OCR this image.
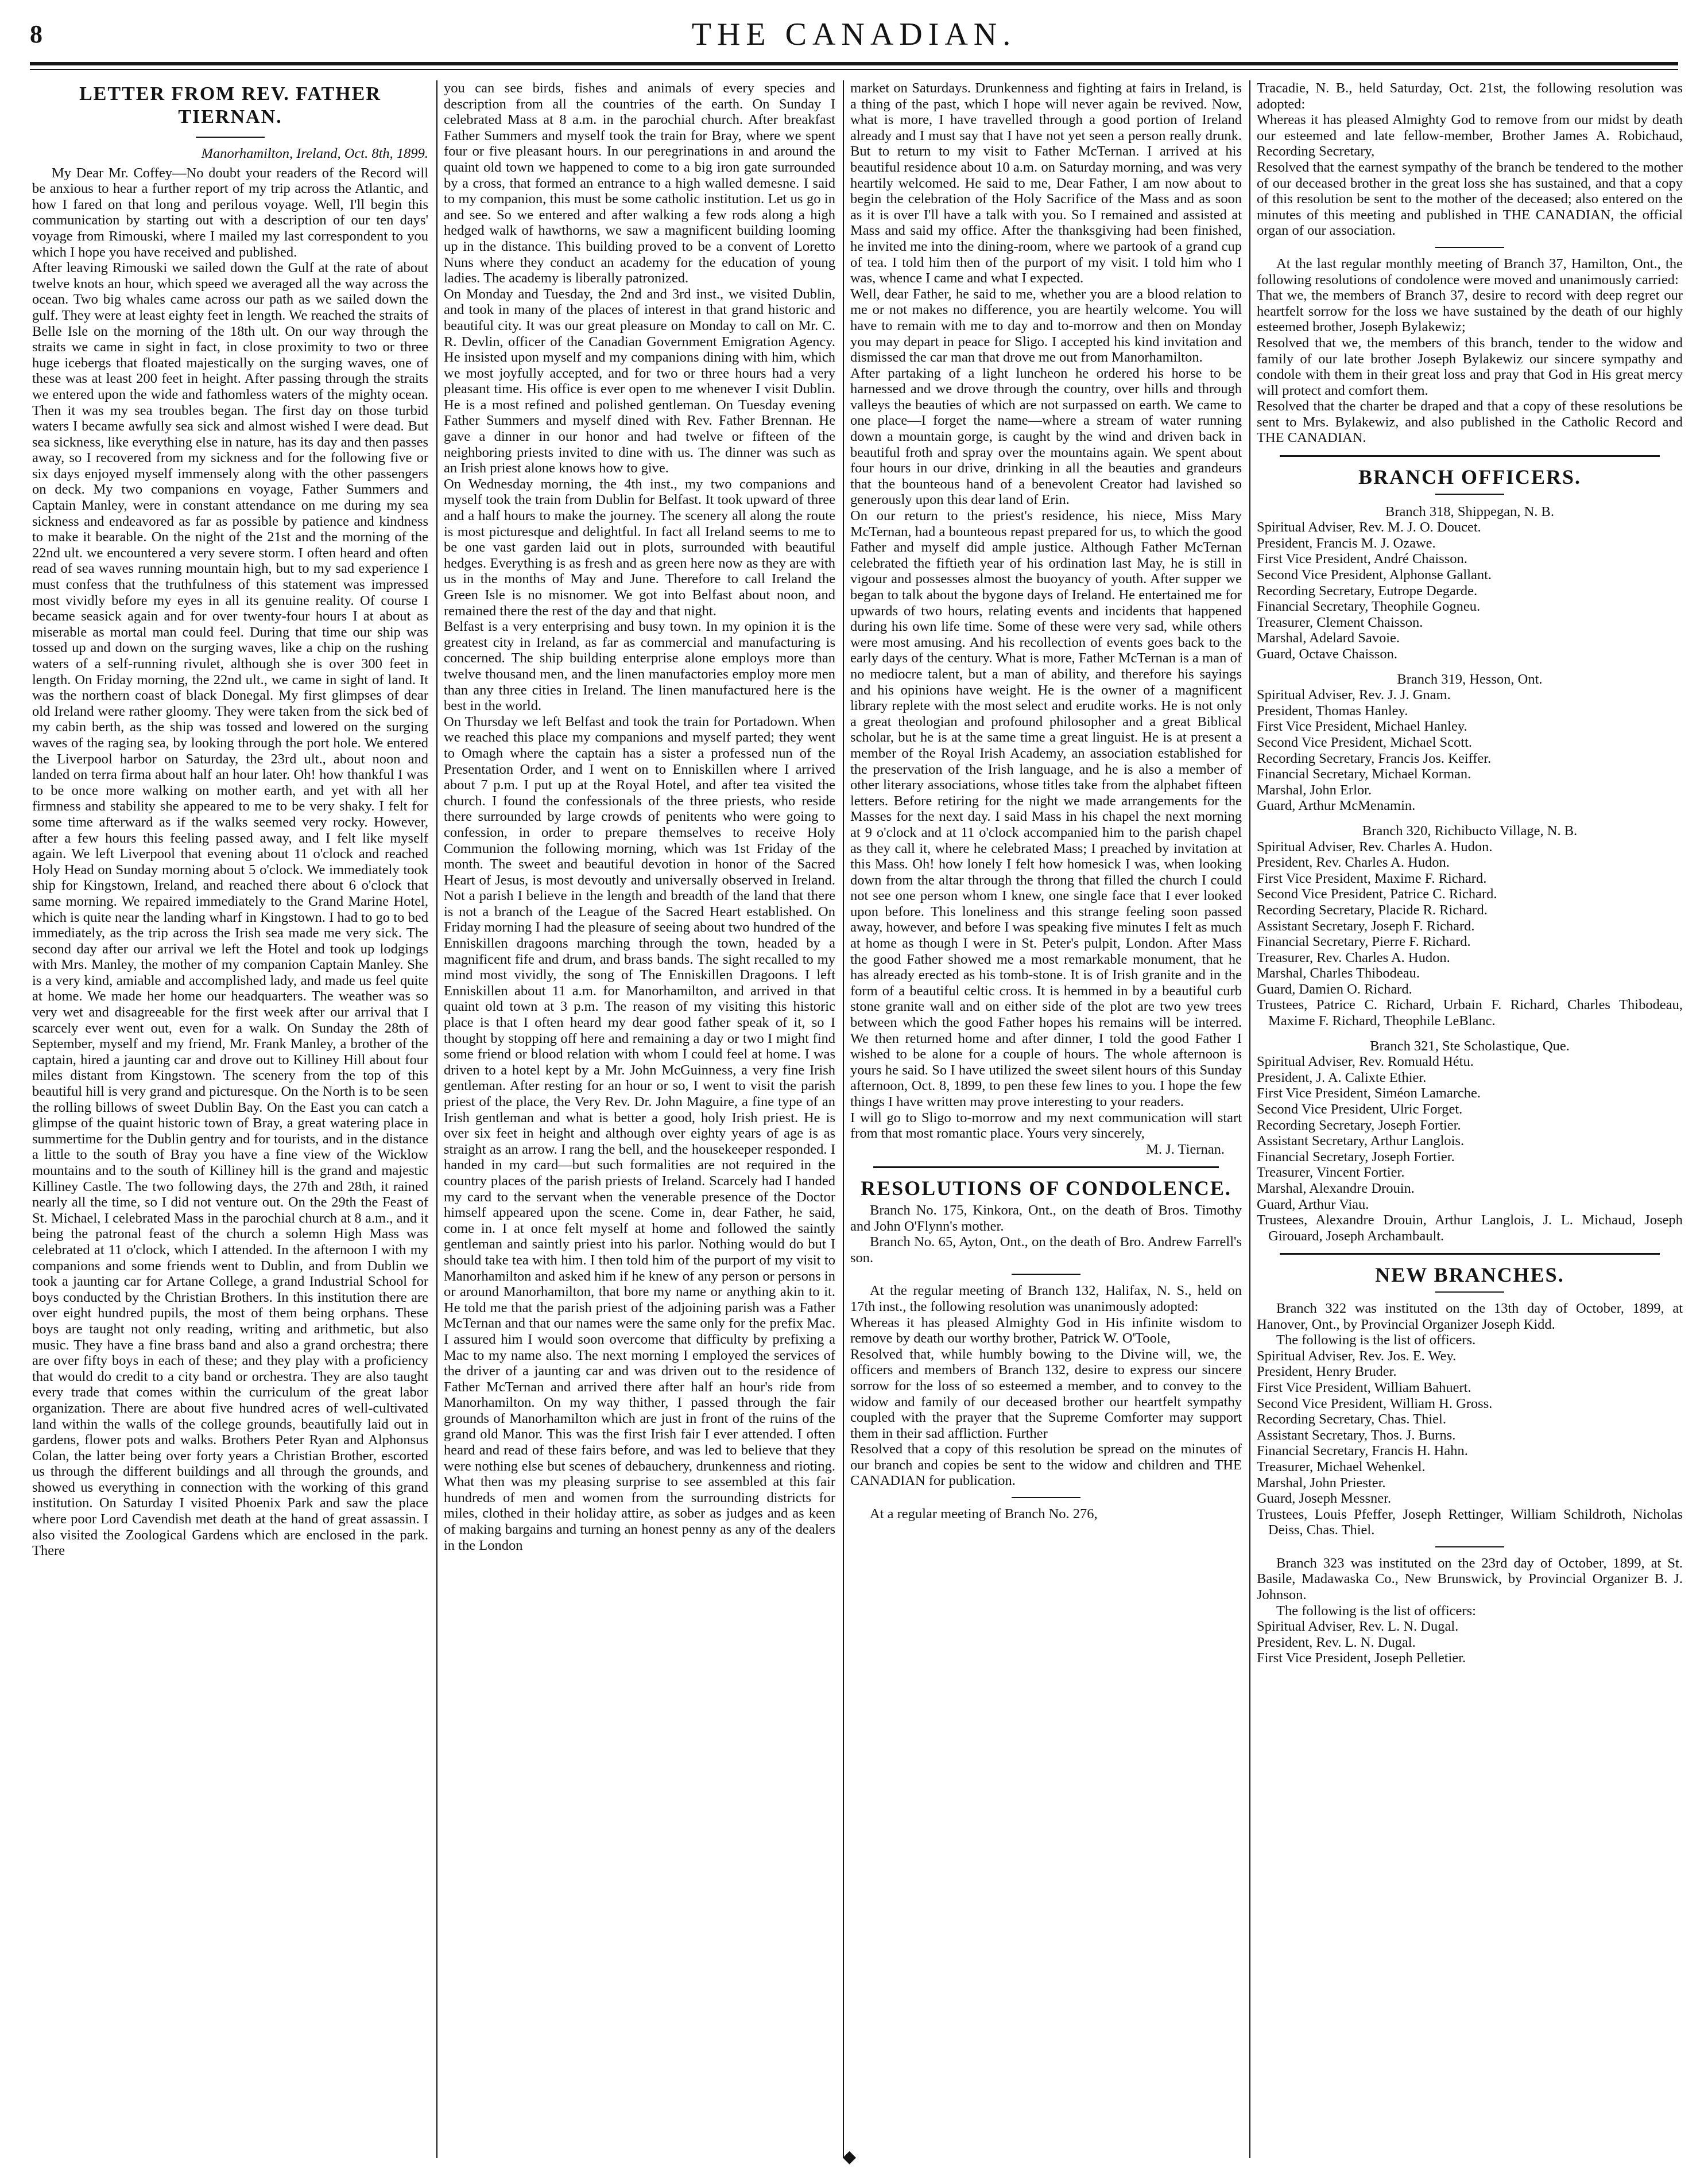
8	THE CANADIAN.
LETTER FROM REV. FATHER TIERNAN.
Manorhamilton, Ireland, Oct. 8th, 1899.

My Dear Mr. Coffey—No doubt your readers of the Record will be anxious to hear a further report of my trip across the Atlantic, and how I fared on that long and perilous voyage. Well, I'll begin this communication by starting out with a description of our ten days' voyage from Rimouski, where I mailed my last correspondent to you which I hope you have received and published.
After leaving Rimouski we sailed down the Gulf at the rate of about twelve knots an hour, which speed we averaged all the way across the ocean. Two big whales came across our path as we sailed down the gulf. They were at least eighty feet in length. We reached the straits of Belle Isle on the morning of the 18th ult. On our way through the straits we came in sight in fact, in close proximity to two or three huge icebergs that floated majestically on the surging waves, one of these was at least 200 feet in height. After passing through the straits we entered upon the wide and fathomless waters of the mighty ocean. Then it was my sea troubles began. The first day on those turbid waters I became awfully sea sick and almost wished I were dead. But sea sickness, like everything else in nature, has its day and then passes away, so I recovered from my sickness and for the following five or six days enjoyed myself immensely along with the other passengers on deck. My two companions en voyage, Father Summers and Captain Manley, were in constant attendance on me during my sea sickness and endeavored as far as possible by patience and kindness to make it bearable. On the night of the 21st and the morning of the 22nd ult. we encountered a very severe storm. I often heard and often read of sea waves running mountain high, but to my sad experience I must confess that the truthfulness of this statement was impressed most vividly before my eyes in all its genuine reality. Of course I became seasick again and for over twenty-four hours I at about as miserable as mortal man could feel. During that time our ship was tossed up and down on the surging waves, like a chip on the rushing waters of a self-running rivulet, although she is over 300 feet in length. On Friday morning, the 22nd ult., we came in sight of land. It was the northern coast of black Donegal. My first glimpses of dear old Ireland were rather gloomy. They were taken from the sick bed of my cabin berth, as the ship was tossed and lowered on the surging waves of the raging sea, by looking through the port hole. We entered the Liverpool harbor on Saturday, the 23rd ult., about noon and landed on terra firma about half an hour later. Oh! how thankful I was to be once more walking on mother earth, and yet with all her firmness and stability she appeared to me to be very shaky. I felt for some time afterward as if the walks seemed very rocky. However, after a few hours this feeling passed away, and I felt like myself again. We left Liverpool that evening about 11 o'clock and reached Holy Head on Sunday morning about 5 o'clock. We immediately took ship for Kingstown, Ireland, and reached there about 6 o'clock that same morning. We repaired immediately to the Grand Marine Hotel, which is quite near the landing wharf in Kingstown. I had to go to bed immediately, as the trip across the Irish sea made me very sick. The second day after our arrival we left the Hotel and took up lodgings with Mrs. Manley, the mother of my companion Captain Manley. She is a very kind, amiable and accomplished lady, and made us feel quite at home. We made her home our headquarters. The weather was so very wet and disagreeable for the first week after our arrival that I scarcely ever went out, even for a walk. On Sunday the 28th of September, myself and my friend, Mr. Frank Manley, a brother of the captain, hired a jaunting car and drove out to Killiney Hill about four miles distant from Kingstown. The scenery from the top of this beautiful hill is very grand and picturesque. On the North is to be seen the rolling billows of sweet Dublin Bay. On the East you can catch a glimpse of the quaint historic town of Bray, a great watering place in summertime for the Dublin gentry and for tourists, and in the distance a little to the south of Bray you have a fine view of the Wicklow mountains and to the south of Killiney hill is the grand and majestic Killiney Castle. The two following days, the 27th and 28th, it rained nearly all the time, so I did not venture out. On the 29th the Feast of St. Michael, I celebrated Mass in the parochial church at 8 a.m., and it being the patronal feast of the church a solemn High Mass was celebrated at 11 o'clock, which I attended. In the afternoon I with my companions and some friends went to Dublin, and from Dublin we took a jaunting car for Artane College, a grand Industrial School for boys conducted by the Christian Brothers. In this institution there are over eight hundred pupils, the most of them being orphans. These boys are taught not only reading, writing and arithmetic, but also music. They have a fine brass band and also a grand orchestra; there are over fifty boys in each of these; and they play with a proficiency that would do credit to a city band or orchestra. They are also taught every trade that comes within the curriculum of the great labor organization. There are about five hundred acres of well-cultivated land within the walls of the college grounds, beautifully laid out in gardens, flower pots and walks. Brothers Peter Ryan and Alphonsus Colan, the latter being over forty years a Christian Brother, escorted us through the different buildings and all through the grounds, and showed us everything in connection with the working of this grand institution. On Saturday I visited Phoenix Park and saw the place where poor Lord Cavendish met death at the hand of great assassin. I also visited the Zoological Gardens which are enclosed in the park. There

you can see birds, fishes and animals of every species and description from all the countries of the earth. On Sunday I celebrated Mass at 8 a.m. in the parochial church. After breakfast Father Summers and myself took the train for Bray, where we spent four or five pleasant hours. In our peregrinations in and around the quaint old town we happened to come to a big iron gate surrounded by a cross, that formed an entrance to a high walled demesne. I said to my companion, this must be some catholic institution. Let us go in and see. So we entered and after walking a few rods along a high hedged walk of hawthorns, we saw a magnificent building looming up in the distance. This building proved to be a convent of Loretto Nuns where they conduct an academy for the education of young ladies. The academy is liberally patronized.
On Monday and Tuesday, the 2nd and 3rd inst., we visited Dublin, and took in many of the places of interest in that grand historic and beautiful city. It was our great pleasure on Monday to call on Mr. C. R. Devlin, officer of the Canadian Government Emigration Agency. He insisted upon myself and my companions dining with him, which we most joyfully accepted, and for two or three hours had a very pleasant time. His office is ever open to me whenever I visit Dublin. He is a most refined and polished gentleman. On Tuesday evening Father Summers and myself dined with Rev. Father Brennan. He gave a dinner in our honor and had twelve or fifteen of the neighboring priests invited to dine with us. The dinner was such as an Irish priest alone knows how to give.
On Wednesday morning, the 4th inst., my two companions and myself took the train from Dublin for Belfast. It took upward of three and a half hours to make the journey. The scenery all along the route is most picturesque and delightful. In fact all Ireland seems to me to be one vast garden laid out in plots, surrounded with beautiful hedges. Everything is as fresh and as green here now as they are with us in the months of May and June. Therefore to call Ireland the Green Isle is no misnomer. We got into Belfast about noon, and remained there the rest of the day and that night.
Belfast is a very enterprising and busy town. In my opinion it is the greatest city in Ireland, as far as commercial and manufacturing is concerned. The ship building enterprise alone employs more than twelve thousand men, and the linen manufactories employ more men than any three cities in Ireland. The linen manufactured here is the best in the world.
On Thursday we left Belfast and took the train for Portadown. When we reached this place my companions and myself parted; they went to Omagh where the captain has a sister a professed nun of the Presentation Order, and I went on to Enniskillen where I arrived about 7 p.m. I put up at the Royal Hotel, and after tea visited the church. I found the confessionals of the three priests, who reside there surrounded by large crowds of penitents who were going to confession, in order to prepare themselves to receive Holy Communion the following morning, which was 1st Friday of the month. The sweet and beautiful devotion in honor of the Sacred Heart of Jesus, is most devoutly and universally observed in Ireland. Not a parish I believe in the length and breadth of the land that there is not a branch of the League of the Sacred Heart established. On Friday morning I had the pleasure of seeing about two hundred of the Enniskillen dragoons marching through the town, headed by a magnificent fife and drum, and brass bands. The sight recalled to my mind most vividly, the song of The Enniskillen Dragoons. I left Enniskillen about 11 a.m. for Manorhamilton, and arrived in that quaint old town at 3 p.m. The reason of my visiting this historic place is that I often heard my dear good father speak of it, so I thought by stopping off here and remaining a day or two I might find some friend or blood relation with whom I could feel at home. I was driven to a hotel kept by a Mr. John McGuinness, a very fine Irish gentleman. After resting for an hour or so, I went to visit the parish priest of the place, the Very Rev. Dr. John Maguire, a fine type of an Irish gentleman and what is better a good, holy Irish priest. He is over six feet in height and although over eighty years of age is as straight as an arrow. I rang the bell, and the housekeeper responded. I handed in my card—but such formalities are not required in the country places of the parish priests of Ireland. Scarcely had I handed my card to the servant when the venerable presence of the Doctor himself appeared upon the scene. Come in, dear Father, he said, come in. I at once felt myself at home and followed the saintly gentleman and saintly priest into his parlor. Nothing would do but I should take tea with him. I then told him of the purport of my visit to Manorhamilton and asked him if he knew of any person or persons in or around Manorhamilton, that bore my name or anything akin to it. He told me that the parish priest of the adjoining parish was a Father McTernan and that our names were the same only for the prefix Mac. I assured him I would soon overcome that difficulty by prefixing a Mac to my name also. The next morning I employed the services of the driver of a jaunting car and was driven out to the residence of Father McTernan and arrived there after half an hour's ride from Manorhamilton. On my way thither, I passed through the fair grounds of Manorhamilton which are just in front of the ruins of the grand old Manor. This was the first Irish fair I ever attended. I often heard and read of these fairs before, and was led to believe that they were nothing else but scenes of debauchery, drunkenness and rioting. What then was my pleasing surprise to see assembled at this fair hundreds of men and women from the surrounding districts for miles, clothed in their holiday attire, as sober as judges and as keen of making bargains and turning an honest penny as any of the dealers in the London

market on Saturdays. Drunkenness and fighting at fairs in Ireland, is a thing of the past, which I hope will never again be revived. Now, what is more, I have travelled through a good portion of Ireland already and I must say that I have not yet seen a person really drunk. But to return to my visit to Father McTernan. I arrived at his beautiful residence about 10 a.m. on Saturday morning, and was very heartily welcomed. He said to me, Dear Father, I am now about to begin the celebration of the Holy Sacrifice of the Mass and as soon as it is over I'll have a talk with you. So I remained and assisted at Mass and said my office. After the thanksgiving had been finished, he invited me into the dining-room, where we partook of a grand cup of tea. I told him then of the purport of my visit. I told him who I was, whence I came and what I expected.
Well, dear Father, he said to me, whether you are a blood relation to me or not makes no difference, you are heartily welcome. You will have to remain with me to day and to-morrow and then on Monday you may depart in peace for Sligo. I accepted his kind invitation and dismissed the car man that drove me out from Manorhamilton.
After partaking of a light luncheon he ordered his horse to be harnessed and we drove through the country, over hills and through valleys the beauties of which are not surpassed on earth. We came to one place—I forget the name—where a stream of water running down a mountain gorge, is caught by the wind and driven back in beautiful froth and spray over the mountains again. We spent about four hours in our drive, drinking in all the beauties and grandeurs that the bounteous hand of a benevolent Creator had lavished so generously upon this dear land of Erin.
On our return to the priest's residence, his niece, Miss Mary McTernan, had a bounteous repast prepared for us, to which the good Father and myself did ample justice. Although Father McTernan celebrated the fiftieth year of his ordination last May, he is still in vigour and possesses almost the buoyancy of youth. After supper we began to talk about the bygone days of Ireland. He entertained me for upwards of two hours, relating events and incidents that happened during his own life time. Some of these were very sad, while others were most amusing. And his recollection of events goes back to the early days of the century. What is more, Father McTernan is a man of no mediocre talent, but a man of ability, and therefore his sayings and his opinions have weight. He is the owner of a magnificent library replete with the most select and erudite works. He is not only a great theologian and profound philosopher and a great Biblical scholar, but he is at the same time a great linguist. He is at present a member of the Royal Irish Academy, an association established for the preservation of the Irish language, and he is also a member of other literary associations, whose titles take from the alphabet fifteen letters. Before retiring for the night we made arrangements for the Masses for the next day. I said Mass in his chapel the next morning at 9 o'clock and at 11 o'clock accompanied him to the parish chapel as they call it, where he celebrated Mass; I preached by invitation at this Mass. Oh! how lonely I felt how homesick I was, when looking down from the altar through the throng that filled the church I could not see one person whom I knew, one single face that I ever looked upon before. This loneliness and this strange feeling soon passed away, however, and before I was speaking five minutes I felt as much at home as though I were in St. Peter's pulpit, London. After Mass the good Father showed me a most remarkable monument, that he has already erected as his tomb-stone. It is of Irish granite and in the form of a beautiful celtic cross. It is hemmed in by a beautiful curb stone granite wall and on either side of the plot are two yew trees between which the good Father hopes his remains will be interred. We then returned home and after dinner, I told the good Father I wished to be alone for a couple of hours. The whole afternoon is yours he said. So I have utilized the sweet silent hours of this Sunday afternoon, Oct. 8, 1899, to pen these few lines to you. I hope the few things I have written may prove interesting to your readers.
I will go to Sligo to-morrow and my next communication will start from that most romantic place. Yours very sincerely,

M. J. Tiernan.
RESOLUTIONS OF CONDOLENCE.

Branch No. 175, Kinkora, Ont., on the death of Bros. Timothy and John O'Flynn's mother.

Branch No. 65, Ayton, Ont., on the death of Bro. Andrew Farrell's son.

At the regular meeting of Branch 132, Halifax, N. S., held on 17th inst., the following resolution was unanimously adopted:
Whereas it has pleased Almighty God in His infinite wisdom to remove by death our worthy brother, Patrick W. O'Toole,
Resolved that, while humbly bowing to the Divine will, we, the officers and members of Branch 132, desire to express our sincere sorrow for the loss of so esteemed a member, and to convey to the widow and family of our deceased brother our heartfelt sympathy coupled with the prayer that the Supreme Comforter may support them in their sad affliction. Further
Resolved that a copy of this resolution be spread on the minutes of our branch and copies be sent to the widow and children and THE CANADIAN for publication.

At a regular meeting of Branch No. 276,

Tracadie, N. B., held Saturday, Oct. 21st, the following resolution was adopted:
Whereas it has pleased Almighty God to remove from our midst by death our esteemed and late fellow-member, Brother James A. Robichaud, Recording Secretary,
Resolved that the earnest sympathy of the branch be tendered to the mother of our deceased brother in the great loss she has sustained, and that a copy of this resolution be sent to the mother of the deceased; also entered on the minutes of this meeting and published in THE CANADIAN, the official organ of our association.

At the last regular monthly meeting of Branch 37, Hamilton, Ont., the following resolutions of condolence were moved and unanimously carried:
That we, the members of Branch 37, desire to record with deep regret our heartfelt sorrow for the loss we have sustained by the death of our highly esteemed brother, Joseph Bylakewiz;
Resolved that we, the members of this branch, tender to the widow and family of our late brother Joseph Bylakewiz our sincere sympathy and condole with them in their great loss and pray that God in His great mercy will protect and comfort them.
Resolved that the charter be draped and that a copy of these resolutions be sent to Mrs. Bylakewiz, and also published in the Catholic Record and THE CANADIAN.

BRANCH OFFICERS.
Branch 318, Shippegan, N. B.
Spiritual Adviser, Rev. M. J. O. Doucet.
President, Francis M. J. Ozawe.
First Vice President, André Chaisson.
Second Vice President, Alphonse Gallant.
Recording Secretary, Eutrope Degarde.
Financial Secretary, Theophile Gogneu.
Treasurer, Clement Chaisson.
Marshal, Adelard Savoie.
Guard, Octave Chaisson.
Branch 319, Hesson, Ont.
Spiritual Adviser, Rev. J. J. Gnam.
President, Thomas Hanley.
First Vice President, Michael Hanley.
Second Vice President, Michael Scott.
Recording Secretary, Francis Jos. Keiffer.
Financial Secretary, Michael Korman.
Marshal, John Erlor.
Guard, Arthur McMenamin.
Branch 320, Richibucto Village, N. B.
Spiritual Adviser, Rev. Charles A. Hudon.
President, Rev. Charles A. Hudon.
First Vice President, Maxime F. Richard.
Second Vice President, Patrice C. Richard.
Recording Secretary, Placide R. Richard.
Assistant Secretary, Joseph F. Richard.
Financial Secretary, Pierre F. Richard.
Treasurer, Rev. Charles A. Hudon.
Marshal, Charles Thibodeau.
Guard, Damien O. Richard.
Trustees, Patrice C. Richard, Urbain F. Richard, Charles Thibodeau, Maxime F. Richard, Theophile LeBlanc.
Branch 321, Ste Scholastique, Que.
Spiritual Adviser, Rev. Romuald Hétu.
President, J. A. Calixte Ethier.
First Vice President, Siméon Lamarche.
Second Vice President, Ulric Forget.
Recording Secretary, Joseph Fortier.
Assistant Secretary, Arthur Langlois.
Financial Secretary, Joseph Fortier.
Treasurer, Vincent Fortier.
Marshal, Alexandre Drouin.
Guard, Arthur Viau.
Trustees, Alexandre Drouin, Arthur Langlois, J. L. Michaud, Joseph Girouard, Joseph Archambault.
NEW BRANCHES.

Branch 322 was instituted on the 13th day of October, 1899, at Hanover, Ont., by Provincial Organizer Joseph Kidd.

The following is the list of officers.

Spiritual Adviser, Rev. Jos. E. Wey.
President, Henry Bruder.
First Vice President, William Bahuert.
Second Vice President, William H. Gross.
Recording Secretary, Chas. Thiel.
Assistant Secretary, Thos. J. Burns.
Financial Secretary, Francis H. Hahn.
Treasurer, Michael Wehenkel.
Marshal, John Priester.
Guard, Joseph Messner.
Trustees, Louis Pfeffer, Joseph Rettinger, William Schildroth, Nicholas Deiss, Chas. Thiel.

Branch 323 was instituted on the 23rd day of October, 1899, at St. Basile, Madawaska Co., New Brunswick, by Provincial Organizer B. J. Johnson.

The following is the list of officers:

Spiritual Adviser, Rev. L. N. Dugal.
President, Rev. L. N. Dugal.
First Vice President, Joseph Pelletier.
◆
